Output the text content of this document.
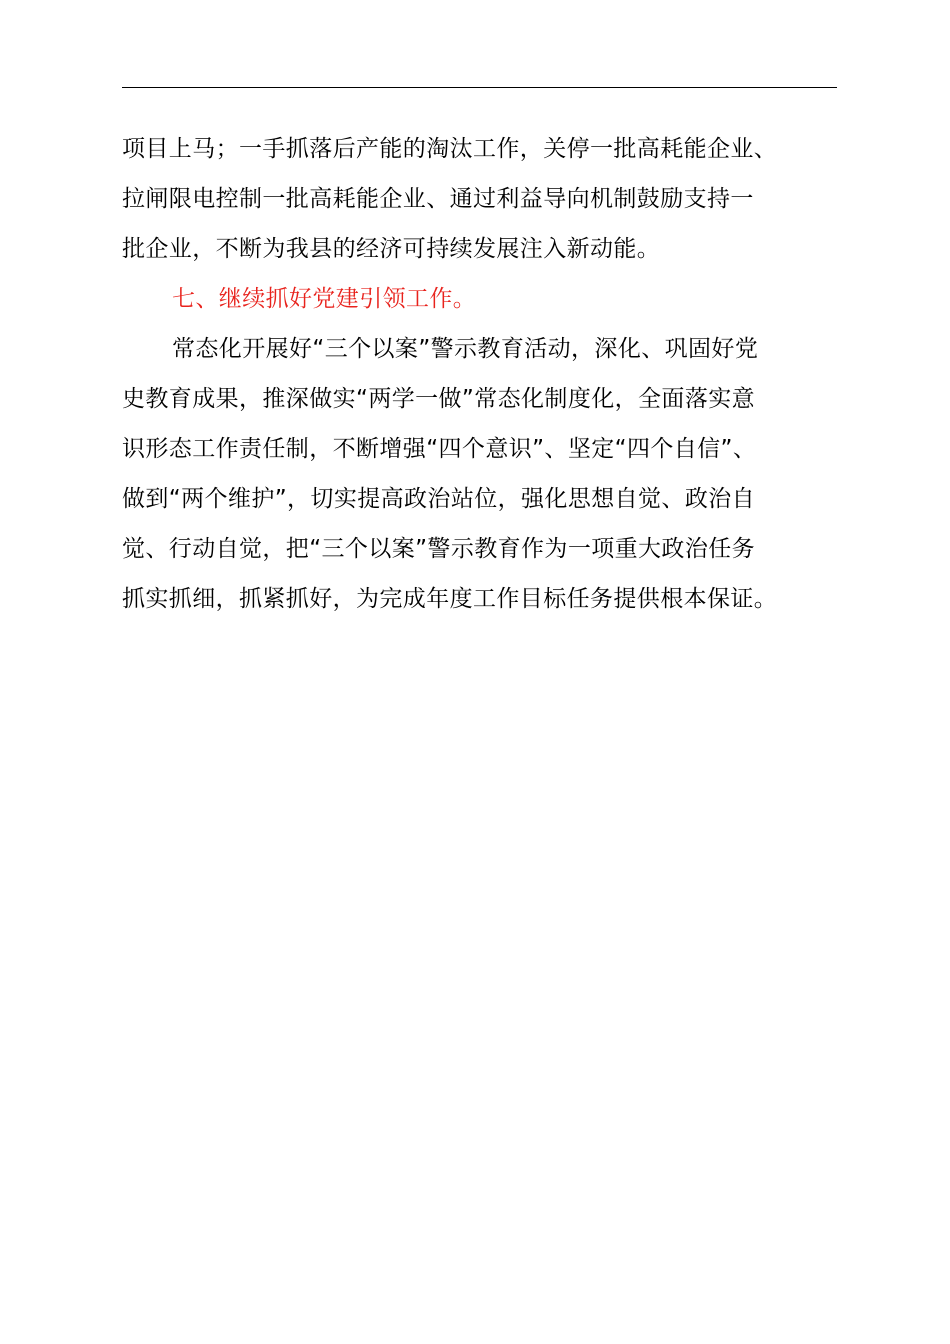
项目上马；一手抓落后产能的淘汰工作，关停一批高耗能企业、
拉闸限电控制一批高耗能企业、通过利益导向机制鼓励支持一
批企业，不断为我县的经济可持续发展注入新动能。

七、继续抓好党建引领工作。

常态化开展好“三个以案”警示教育活动，深化、巩固好党
史教育成果，推深做实“两学一做”常态化制度化，全面落实意
识形态工作责任制，不断增强“四个意识”、坚定“四个自信”、
做到“两个维护”，切实提高政治站位，强化思想自觉、政治自
觉、行动自觉，把“三个以案”警示教育作为一项重大政治任务
抓实抓细，抓紧抓好，为完成年度工作目标任务提供根本保证。
